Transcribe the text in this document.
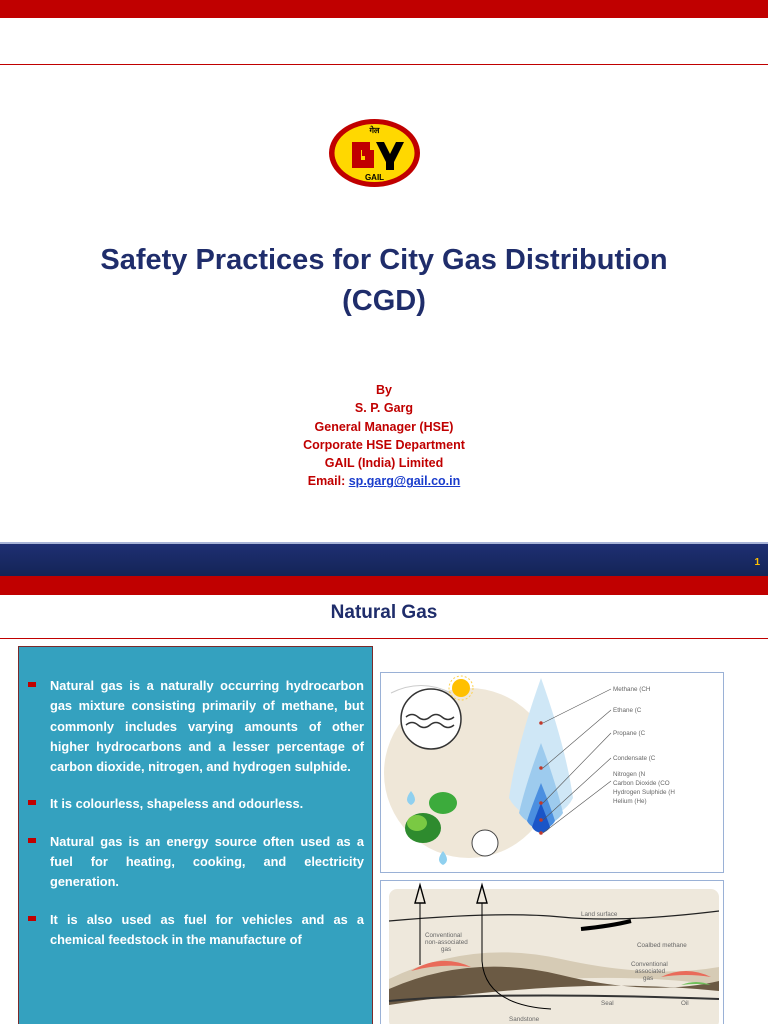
गेल
GAIL
Safety Practices for City Gas Distribution
(CGD)
By
S. P. Garg
General Manager (HSE)
Corporate HSE Department
GAIL (India) Limited
Email: sp.garg@gail.co.in
1
Natural Gas
Natural gas is a naturally occurring hydrocarbon gas mixture consisting primarily of methane, but commonly includes varying amounts of other higher hydrocarbons and a lesser percentage of carbon dioxide, nitrogen, and hydrogen sulphide.
It is colourless, shapeless and odourless.
Natural gas is an energy source often used as a fuel for heating, cooking, and electricity generation.
It is also used as fuel for vehicles and as a chemical feedstock in the manufacture of
Methane (CH
Ethane (C
Propane (C
Condensate (C
Nitrogen (N
Carbon Dioxide (CO
Hydrogen Sulphide (H
Helium (He)
Land surface
Conventional
non-associated
gas
Coalbed methane
Conventional
associated
gas
Oil
Seal
Sandstone
